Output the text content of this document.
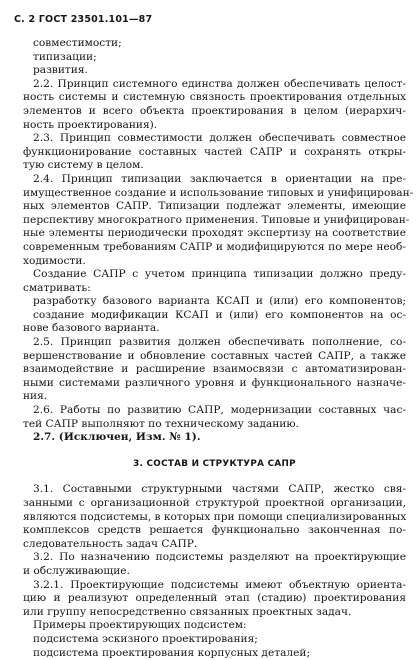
С. 2 ГОСТ 23501.101—87
совместимости;
типизации;
развития.
2.2. Принцип системного единства должен обеспечивать целост-
ность системы и системную связность проектирования отдельных
элементов и всего объекта проектирования в целом (иерархич-
ность проектирования).
2.3. Принцип совместимости должен обеспечивать совместное
функционирование составных частей САПР и сохранять откры-
тую систему в целом.
2.4. Принцип типизации заключается в ориентации на пре-
имущественное создание и использование типовых и унифицирован-
ных элементов САПР. Типизации подлежат элементы, имеющие
перспективу многократного применения. Типовые и унифицирован-
ные элементы периодически проходят экспертизу на соответствие
современным требованиям САПР и модифицируются по мере необ-
ходимости.
Создание САПР с учетом принципа типизации должно преду-
сматривать:
разработку базового варианта КСАП и (или) его компонентов;
создание модификации КСАП и (или) его компонентов на ос-
нове базового варианта.
2.5. Принцип развития должен обеспечивать пополнение, со-
вершенствование и обновление составных частей САПР, а также
взаимодействие и расширение взаимосвязи с автоматизирован-
ными системами различного уровня и функционального назначе-
ния.
2.6. Работы по развитию САПР, модернизации составных час-
тей САПР выполняют по техническому заданию.
2.7. (Исключен, Изм. № 1).
3. СОСТАВ И СТРУКТУРА САПР
3.1. Составными структурными частями САПР, жестко свя-
занными с организационной структурой проектной организации,
являются подсистемы, в которых при помощи специализированных
комплексов средств решается функционально законченная по-
следовательность задач САПР.
3.2. По назначению подсистемы разделяют на проектирующие
и обслуживающие.
3.2.1. Проектирующие подсистемы имеют объектную ориента-
цию и реализуют определенный этап (стадию) проектирования
или группу непосредственно связанных проектных задач.
Примеры проектирующих подсистем:
подсистема эскизного проектирования;
подсистема проектирования корпусных деталей;
